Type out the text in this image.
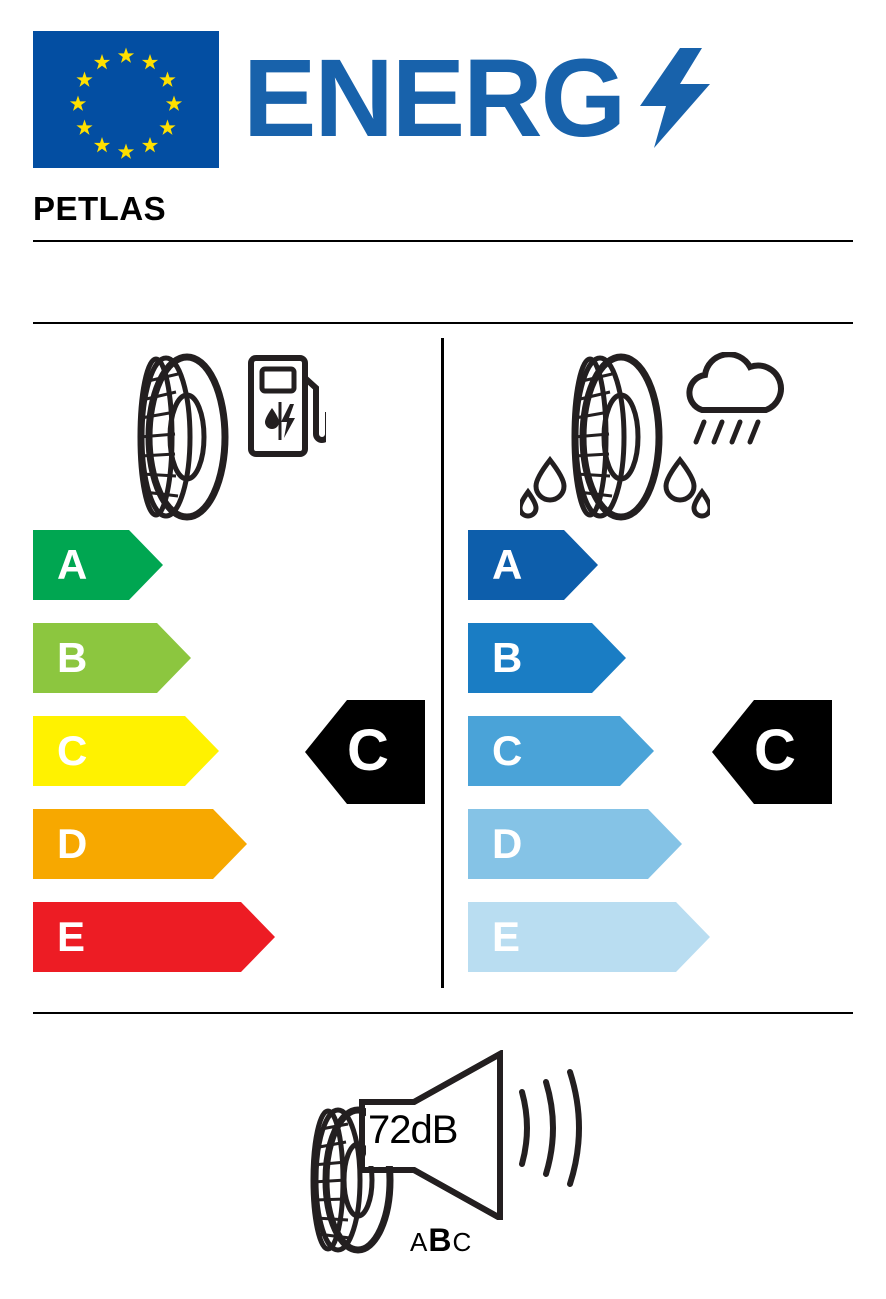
ENERG
PETLAS
A
B
C
D
E
C
A
B
C
D
E
C
72dB
ABC
